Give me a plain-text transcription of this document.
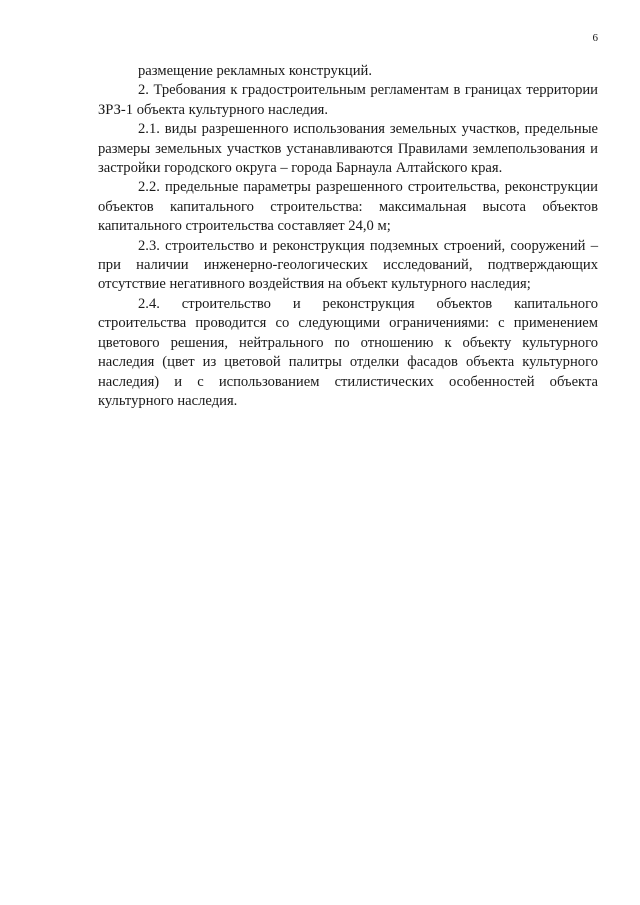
6

размещение рекламных конструкций.

2. Требования к градостроительным регламентам в границах территории ЗРЗ-1 объекта культурного наследия.

2.1. виды разрешенного использования земельных участков, предельные размеры земельных участков устанавливаются Правилами землепользования и застройки городского округа – города Барнаула Алтайского края.

2.2. предельные параметры разрешенного строительства, реконструкции объектов капитального строительства: максимальная высота объектов капитального строительства составляет 24,0 м;

2.3. строительство и реконструкция подземных строений, сооружений – при наличии инженерно-геологических исследований, подтверждающих отсутствие негативного воздействия на объект культурного наследия;

2.4. строительство и реконструкция объектов капитального строительства проводится со следующими ограничениями: с применением цветового решения, нейтрального по отношению к объекту культурного наследия (цвет из цветовой палитры отделки фасадов объекта культурного наследия) и с использованием стилистических особенностей объекта культурного наследия.
